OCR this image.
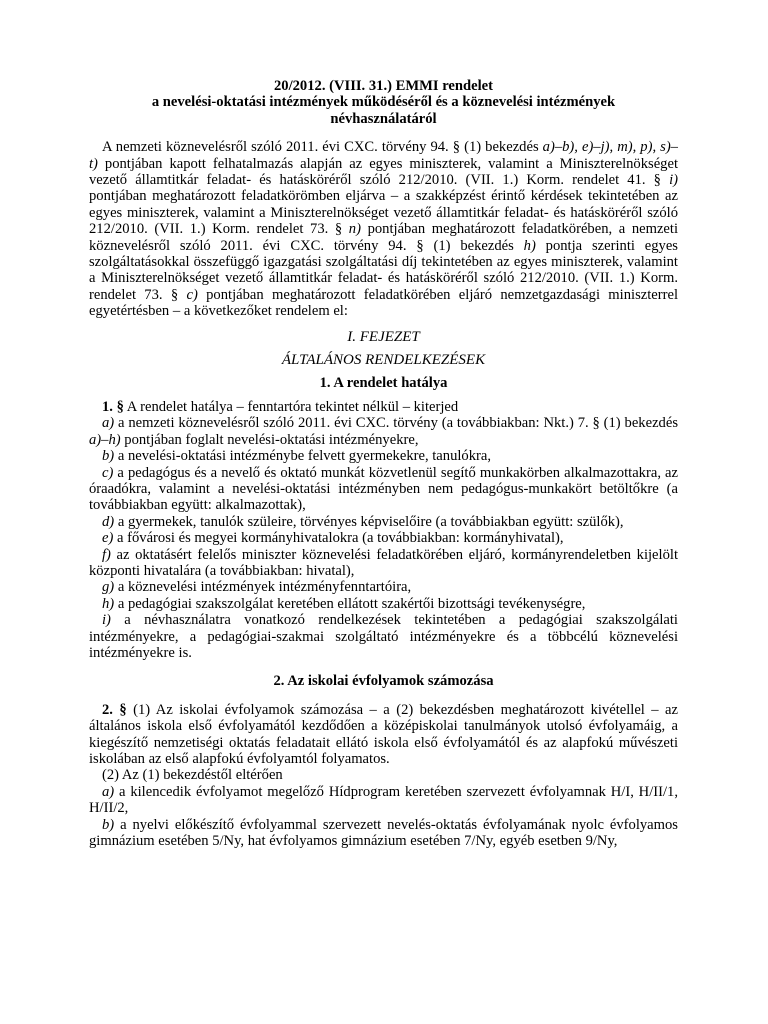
20/2012. (VIII. 31.) EMMI rendelet
a nevelési-oktatási intézmények működéséről és a köznevelési intézmények
névhasználatáról

A nemzeti köznevelésről szóló 2011. évi CXC. törvény 94. § (1) bekezdés a)–b), e)–j), m), p), s)–t) pontjában kapott felhatalmazás alapján az egyes miniszterek, valamint a Miniszterelnökséget vezető államtitkár feladat- és hatásköréről szóló 212/2010. (VII. 1.) Korm. rendelet 41. § i) pontjában meghatározott feladatkörömben eljárva – a szakképzést érintő kérdések tekintetében az egyes miniszterek, valamint a Miniszterelnökséget vezető államtitkár feladat- és hatásköréről szóló 212/2010. (VII. 1.) Korm. rendelet 73. § n) pontjában meghatározott feladatkörében, a nemzeti köznevelésről szóló 2011. évi CXC. törvény 94. § (1) bekezdés h) pontja szerinti egyes szolgáltatásokkal összefüggő igazgatási szolgáltatási díj tekintetében az egyes miniszterek, valamint a Miniszterelnökséget vezető államtitkár feladat- és hatásköréről szóló 212/2010. (VII. 1.) Korm. rendelet 73. § c) pontjában meghatározott feladatkörében eljáró nemzetgazdasági miniszterrel egyetértésben – a következőket rendelem el:

I. FEJEZET
ÁLTALÁNOS RENDELKEZÉSEK
1. A rendelet hatálya

1. § A rendelet hatálya – fenntartóra tekintet nélkül – kiterjed

a) a nemzeti köznevelésről szóló 2011. évi CXC. törvény (a továbbiakban: Nkt.) 7. § (1) bekezdés a)–h) pontjában foglalt nevelési-oktatási intézményekre,

b) a nevelési-oktatási intézménybe felvett gyermekekre, tanulókra,

c) a pedagógus és a nevelő és oktató munkát közvetlenül segítő munkakörben alkalmazottakra, az óraadókra, valamint a nevelési-oktatási intézményben nem pedagógus-munkakört betöltőkre (a továbbiakban együtt: alkalmazottak),

d) a gyermekek, tanulók szüleire, törvényes képviselőire (a továbbiakban együtt: szülők),

e) a fővárosi és megyei kormányhivatalokra (a továbbiakban: kormányhivatal),

f) az oktatásért felelős miniszter köznevelési feladatkörében eljáró, kormányrendeletben kijelölt központi hivatalára (a továbbiakban: hivatal),

g) a köznevelési intézmények intézményfenntartóira,

h) a pedagógiai szakszolgálat keretében ellátott szakértői bizottsági tevékenységre,

i) a névhasználatra vonatkozó rendelkezések tekintetében a pedagógiai szakszolgálati intézményekre, a pedagógiai-szakmai szolgáltató intézményekre és a többcélú köznevelési intézményekre is.

2. Az iskolai évfolyamok számozása

2. § (1) Az iskolai évfolyamok számozása – a (2) bekezdésben meghatározott kivétellel – az általános iskola első évfolyamától kezdődően a középiskolai tanulmányok utolsó évfolyamáig, a kiegészítő nemzetiségi oktatás feladatait ellátó iskola első évfolyamától és az alapfokú művészeti iskolában az első alapfokú évfolyamtól folyamatos.

(2) Az (1) bekezdéstől eltérően

a) a kilencedik évfolyamot megelőző Hídprogram keretében szervezett évfolyamnak H/I, H/II/1, H/II/2,

b) a nyelvi előkészítő évfolyammal szervezett nevelés-oktatás évfolyamának nyolc évfolyamos gimnázium esetében 5/Ny, hat évfolyamos gimnázium esetében 7/Ny, egyéb esetben 9/Ny,
